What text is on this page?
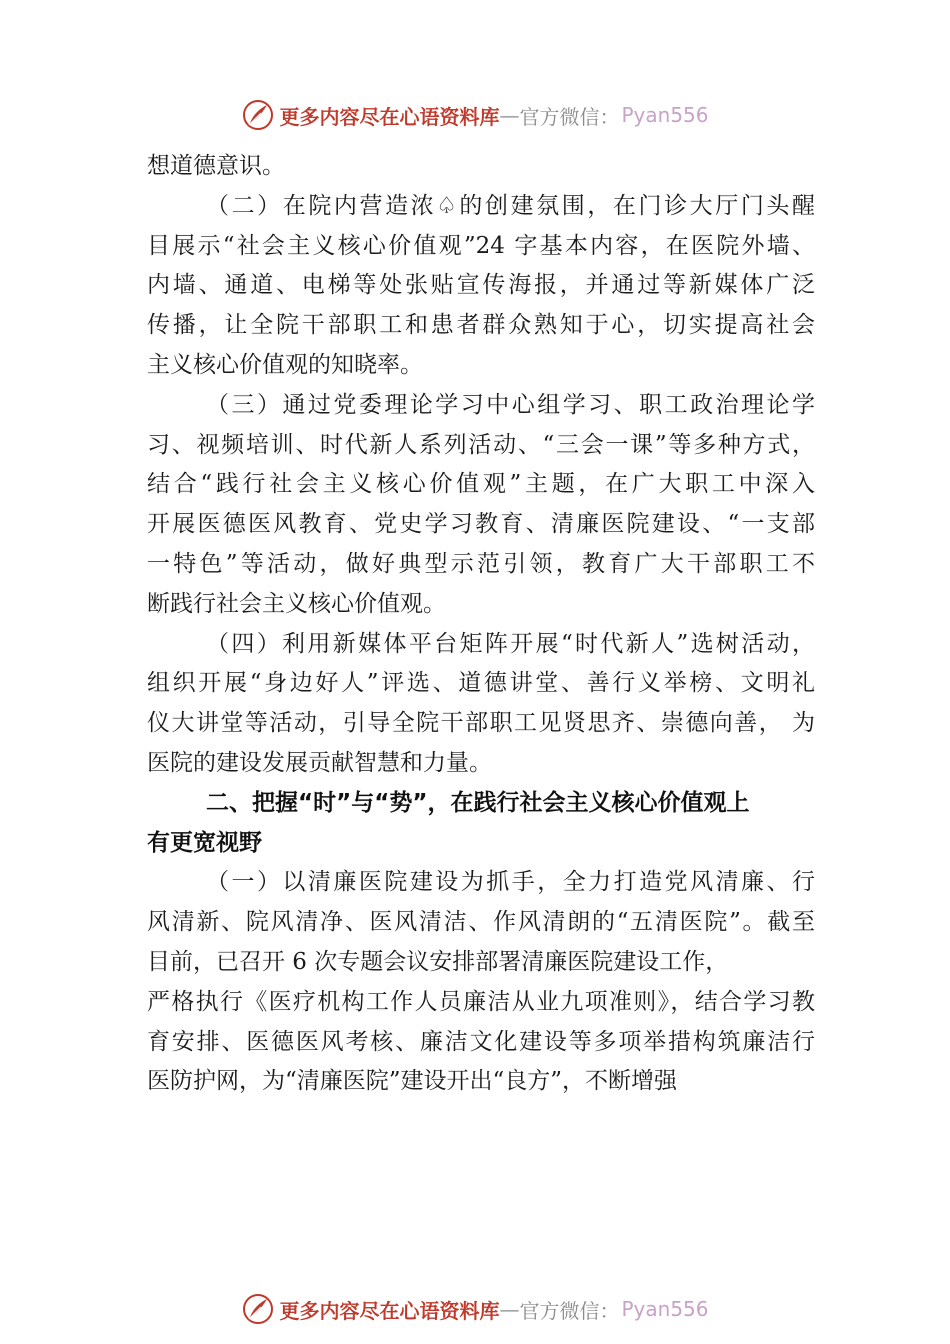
更多内容尽在心语资料库 — 官方微信： Pyan556
想道德意识。
（二）在院内营造浓♤的创建氛围，在门诊大厅门头醒
目展示“社会主义核心价值观”24 字基本内容，在医院外墙、
内墙、通道、电梯等处张贴宣传海报，并通过等新媒体广泛
传播，让全院干部职工和患者群众熟知于心，切实提高社会
主义核心价值观的知晓率。
（三）通过党委理论学习中心组学习、职工政治理论学
习、视频培训、时代新人系列活动、“三会一课”等多种方式，
结合“践行社会主义核心价值观”主题，在广大职工中深入
开展医德医风教育、党史学习教育、清廉医院建设、“一支部
一特色”等活动，做好典型示范引领，教育广大干部职工不
断践行社会主义核心价值观。
（四）利用新媒体平台矩阵开展“时代新人”选树活动，
组织开展“身边好人”评选、道德讲堂、善行义举榜、文明礼
仪大讲堂等活动，引导全院干部职工见贤思齐、崇德向善， 为
医院的建设发展贡献智慧和力量。
二、把握“时”与“势”，在践行社会主义核心价值观上
有更宽视野
（一）以清廉医院建设为抓手，全力打造党风清廉、行
风清新、院风清净、医风清洁、作风清朗的“五清医院”。截至
目前，已召开 6 次专题会议安排部署清廉医院建设工作，
严格执行《医疗机构工作人员廉洁从业九项准则》，结合学习教
育安排、医德医风考核、廉洁文化建设等多项举措构筑廉洁行
医防护网，为“清廉医院”建设开出“良方”，不断增强
更多内容尽在心语资料库 — 官方微信： Pyan556
